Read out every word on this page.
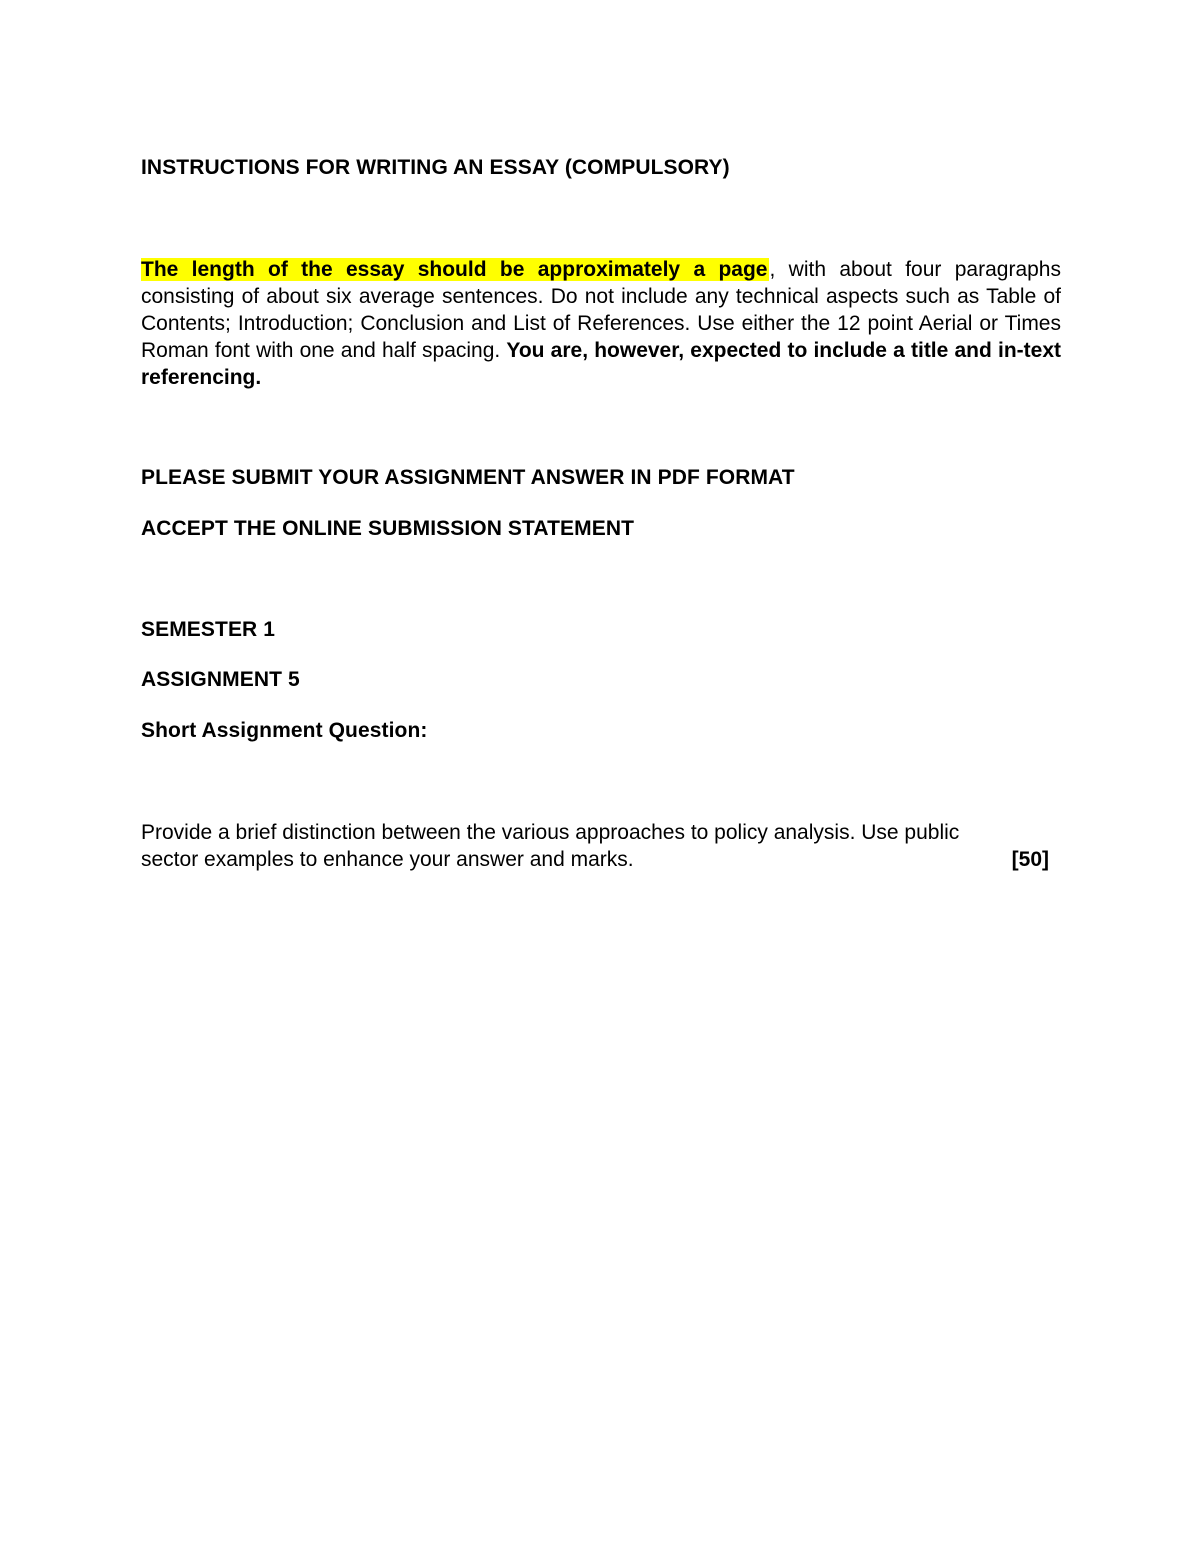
INSTRUCTIONS FOR WRITING AN ESSAY (COMPULSORY)
The length of the essay should be approximately a page, with about four paragraphs consisting of about six average sentences. Do not include any technical aspects such as Table of Contents; Introduction; Conclusion and List of References. Use either the 12 point Aerial or Times Roman font with one and half spacing. You are, however, expected to include a title and in-text referencing.
PLEASE SUBMIT YOUR ASSIGNMENT ANSWER IN PDF FORMAT
ACCEPT THE ONLINE SUBMISSION STATEMENT
SEMESTER 1
ASSIGNMENT 5
Short Assignment Question:
Provide a brief distinction between the various approaches to policy analysis. Use public
sector examples to enhance your answer and marks.	[50]
